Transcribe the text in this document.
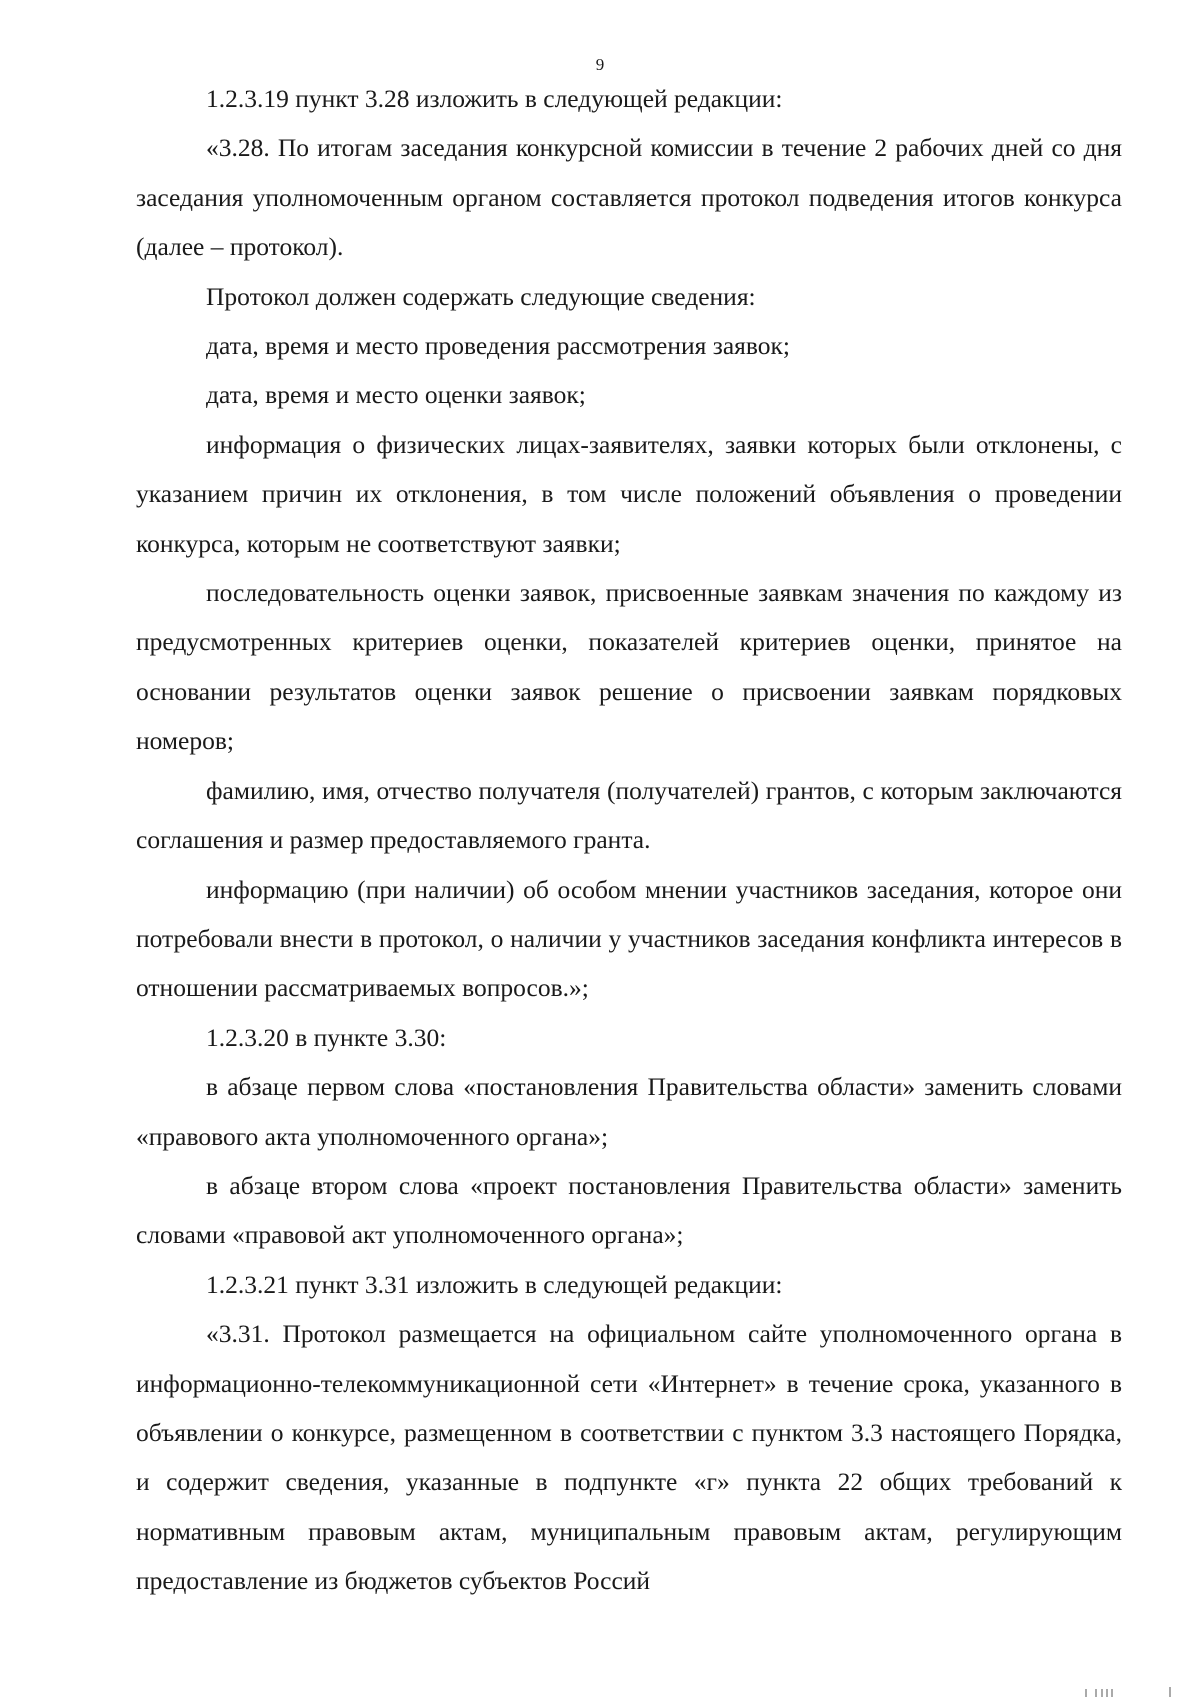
9

1.2.3.19 пункт 3.28 изложить в следующей редакции:

«3.28. По итогам заседания конкурсной комиссии в течение 2 рабочих дней со дня заседания уполномоченным органом составляется протокол подведения итогов конкурса (далее – протокол).

Протокол должен содержать следующие сведения:

дата, время и место проведения рассмотрения заявок;

дата, время и место оценки заявок;

информация о физических лицах-заявителях, заявки которых были отклонены, с указанием причин их отклонения, в том числе положений объявления о проведении конкурса, которым не соответствуют заявки;

последовательность оценки заявок, присвоенные заявкам значения по каждому из предусмотренных критериев оценки, показателей критериев оценки, принятое на основании результатов оценки заявок решение о присвоении заявкам порядковых номеров;

фамилию, имя, отчество получателя (получателей) грантов, с которым заключаются соглашения и размер предоставляемого гранта.

информацию (при наличии) об особом мнении участников заседания, которое они потребовали внести в протокол, о наличии у участников заседания конфликта интересов в отношении рассматриваемых вопросов.»;

1.2.3.20 в пункте 3.30:

в абзаце первом слова «постановления Правительства области» заменить словами «правового акта уполномоченного органа»;

в абзаце втором слова «проект постановления Правительства области» заменить словами «правовой акт уполномоченного органа»;

1.2.3.21 пункт 3.31 изложить в следующей редакции:

«3.31. Протокол размещается на официальном сайте уполномоченного органа в информационно-телекоммуникационной сети «Интернет» в течение срока, указанного в объявлении о конкурсе, размещенном в соответствии с пунктом 3.3 настоящего Порядка, и содержит сведения, указанные в подпункте «г» пункта 22 общих требований к нормативным правовым актам, муниципальным правовым актам, регулирующим предоставление из бюджетов субъектов Россий
